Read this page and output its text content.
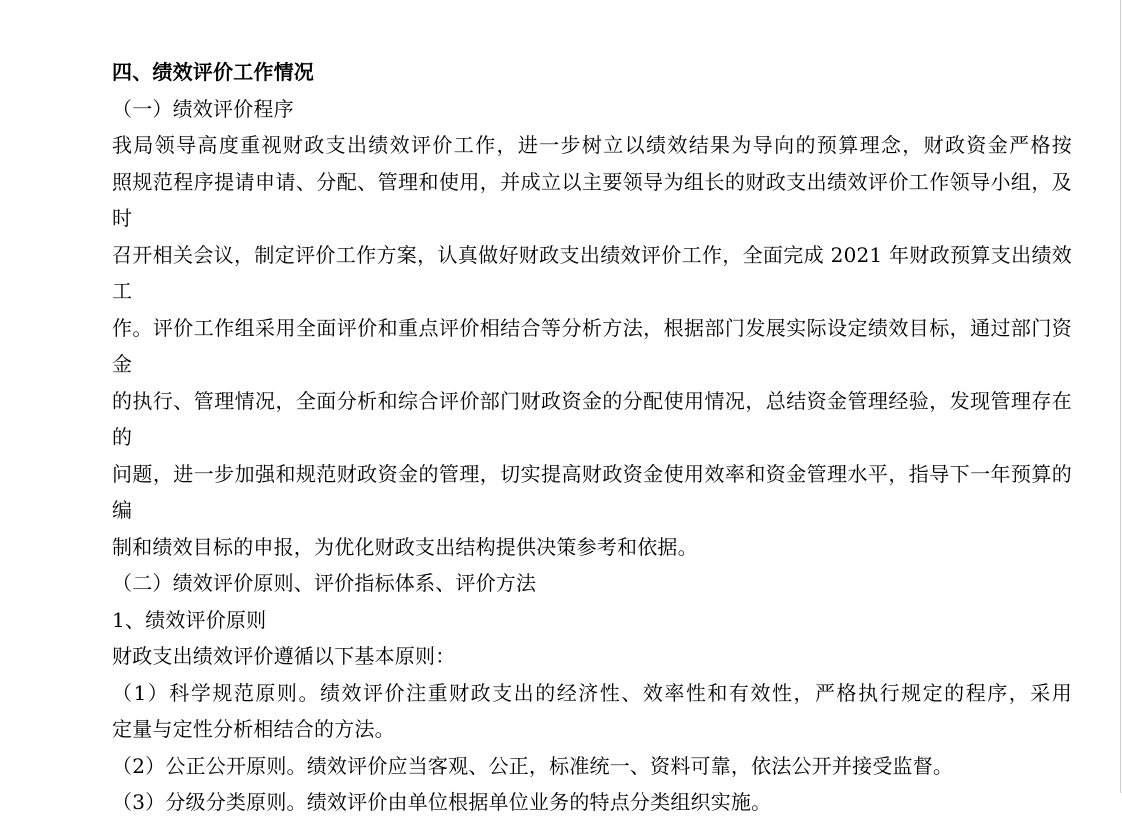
四、绩效评价工作情况
（一）绩效评价程序
我局领导高度重视财政支出绩效评价工作，进一步树立以绩效结果为导向的预算理念，财政资金严格按
照规范程序提请申请、分配、管理和使用，并成立以主要领导为组长的财政支出绩效评价工作领导小组，及时
召开相关会议，制定评价工作方案，认真做好财政支出绩效评价工作，全面完成 2021 年财政预算支出绩效工
作。评价工作组采用全面评价和重点评价相结合等分析方法，根据部门发展实际设定绩效目标，通过部门资金
的执行、管理情况，全面分析和综合评价部门财政资金的分配使用情况，总结资金管理经验，发现管理存在的
问题，进一步加强和规范财政资金的管理，切实提高财政资金使用效率和资金管理水平，指导下一年预算的编
制和绩效目标的申报，为优化财政支出结构提供决策参考和依据。
（二）绩效评价原则、评价指标体系、评价方法
1、绩效评价原则
财政支出绩效评价遵循以下基本原则：
（1）科学规范原则。绩效评价注重财政支出的经济性、效率性和有效性，严格执行规定的程序，采用
定量与定性分析相结合的方法。
（2）公正公开原则。绩效评价应当客观、公正，标准统一、资料可靠，依法公开并接受监督。
（3）分级分类原则。绩效评价由单位根据单位业务的特点分类组织实施。
